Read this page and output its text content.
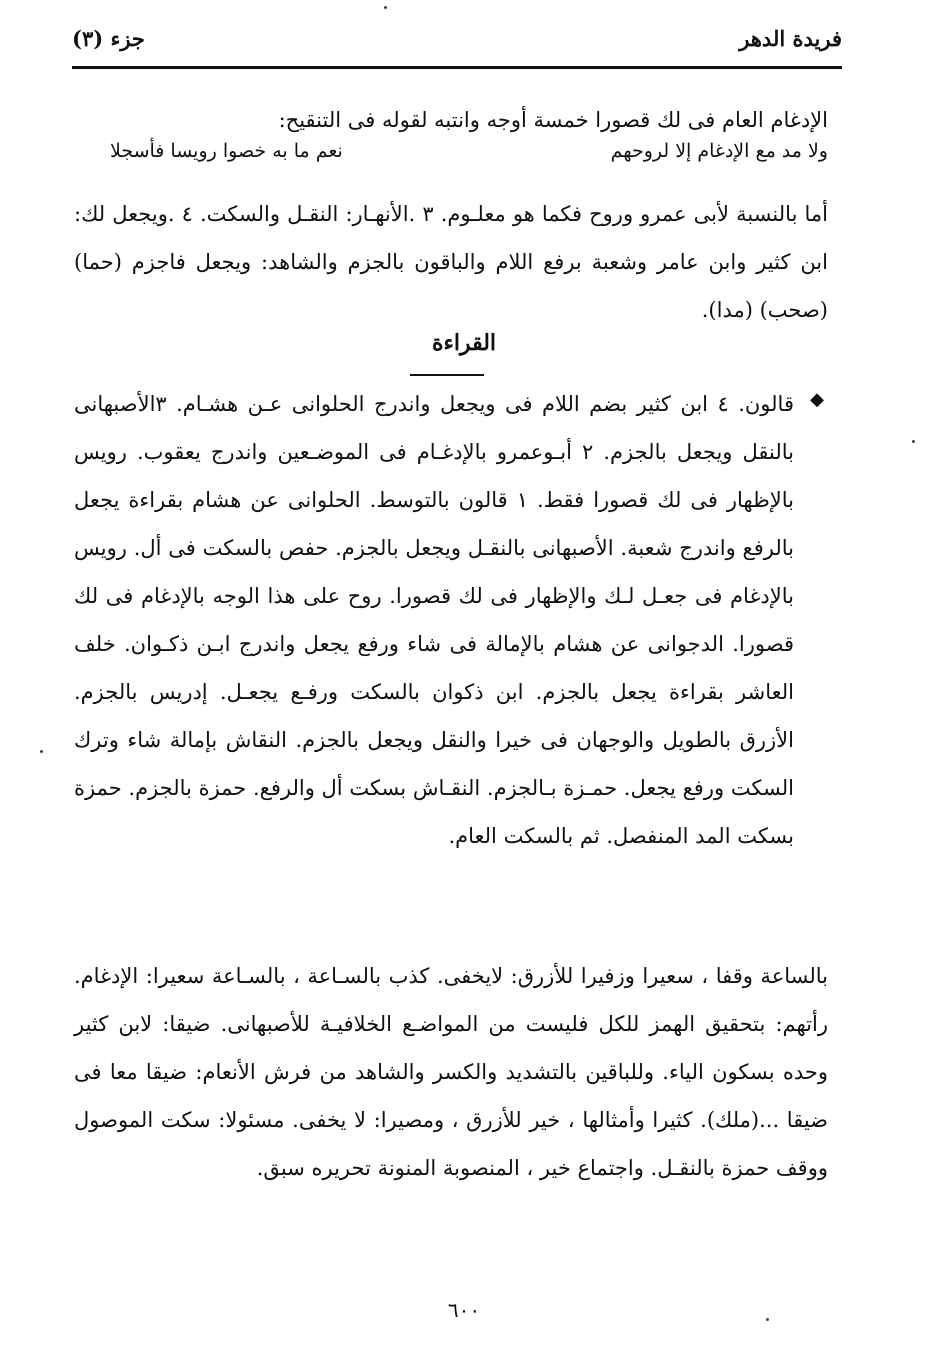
فريدة الدهر
جزء (٣)
الإدغام العام فى لك قصورا خمسة أوجه وانتبه لقوله فى التنقيح:
ولا مد مع الإدغام إلا لروحهم
نعم ما به خصوا رويسا فأسجلا
أما بالنسبة لأبى عمرو وروح فكما هو معلـوم. ٣ .الأنهـار: النقـل والسكت. ٤ .ويجعل لك: ابن كثير وابن عامر وشعبة برفع اللام والباقون بالجزم والشاهد: ويجعل فاجزم (حما) (صحب) (مدا).
القراءة
◆
قالون. ٤ ابن كثير بضم اللام فى ويجعل واندرج الحلوانى عـن هشـام. ٣الأصبهانى بالنقل ويجعل بالجزم. ٢ أبـوعمرو بالإدغـام فى الموضـعين واندرج يعقوب. رويس بالإظهار فى لك قصورا فقط. ١ قالون بالتوسط. الحلوانى عن هشام بقراءة يجعل بالرفع واندرج شعبة. الأصبهانى بالنقـل ويجعل بالجزم. حفص بالسكت فى أل. رويس بالإدغام فى جعـل لـك والإظهار فى لك قصورا. روح على هذا الوجه بالإدغام فى لك قصورا. الدجوانى عن هشام بالإمالة فى شاء ورفع يجعل واندرج ابـن ذكـوان. خلف العاشر بقراءة يجعل بالجزم. ابن ذكوان بالسكت ورفـع يجعـل. إدريس بالجزم. الأزرق بالطويل والوجهان فى خيرا والنقل ويجعل بالجزم. النقاش بإمالة شاء وترك السكت ورفع يجعل. حمـزة بـالجزم. النقـاش بسكت أل والرفع. حمزة بالجزم. حمزة بسكت المد المنفصل. ثم بالسكت العام.
بالساعة وقفا ، سعيرا وزفيرا للأزرق: لايخفى. كذب بالسـاعة ، بالسـاعة سعيرا: الإدغام. رأتهم: بتحقيق الهمز للكل فليست من المواضـع الخلافيـة للأصبهانى. ضيقا: لابن كثير وحده بسكون الياء. وللباقين بالتشديد والكسر والشاهد من فرش الأنعام: ضيقا معا فى ضيقا ...(ملك). كثيرا وأمثالها ، خير للأزرق ، ومصيرا: لا يخفى. مسئولا: سكت الموصول ووقف حمزة بالنقـل. واجتماع خير ، المنصوبة المنونة تحريره سبق.
٦٠٠
